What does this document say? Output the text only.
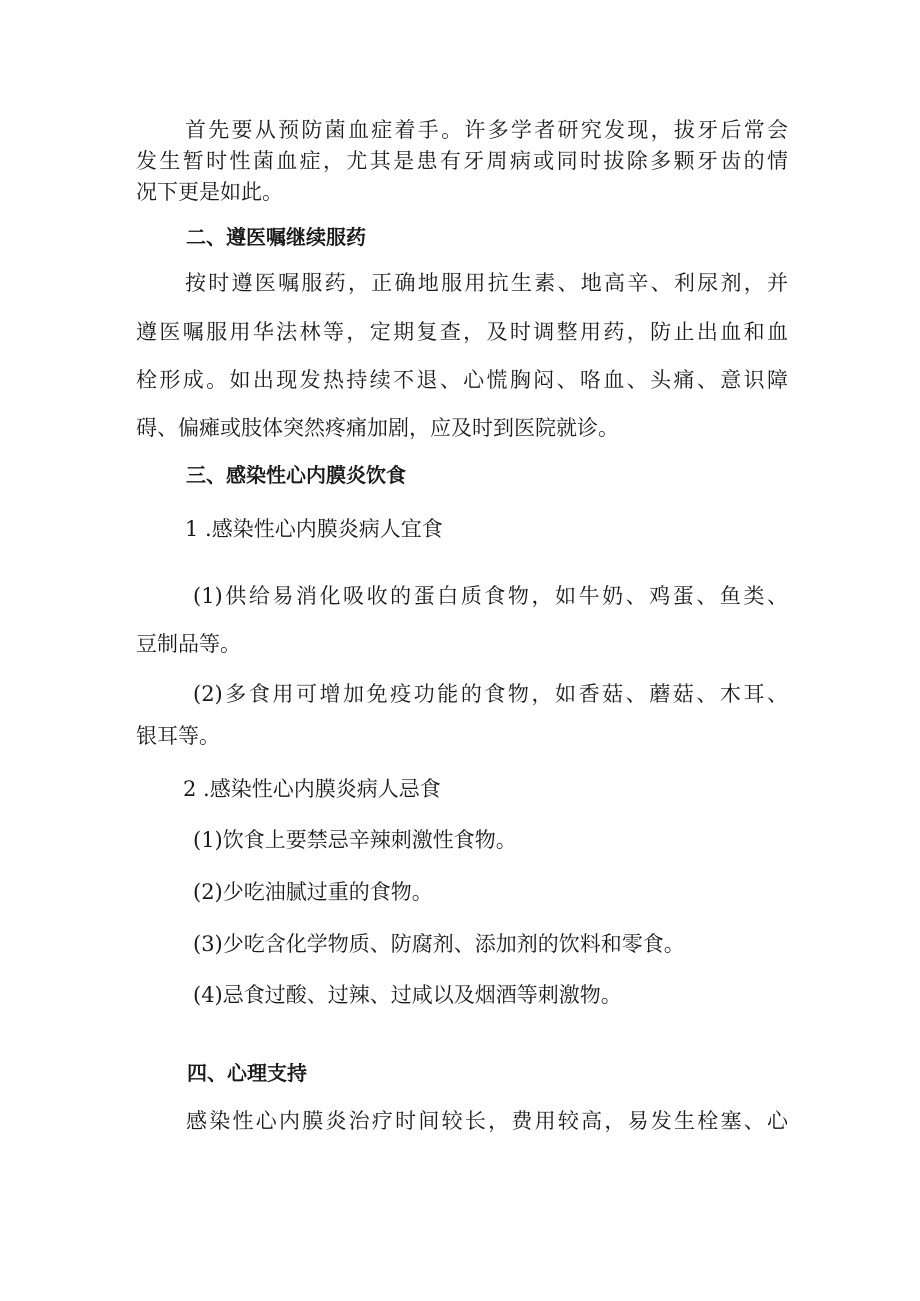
首先要从预防菌血症着手。许多学者研究发现，拔牙后常会
发生暂时性菌血症，尤其是患有牙周病或同时拔除多颗牙齿的情
况下更是如此。
二、遵医嘱继续服药
按时遵医嘱服药，正确地服用抗生素、地高辛、利尿剂，并
遵医嘱服用华法林等，定期复查，及时调整用药，防止出血和血
栓形成。如出现发热持续不退、心慌胸闷、咯血、头痛、意识障
碍、偏瘫或肢体突然疼痛加剧，应及时到医院就诊。
三、感染性心内膜炎饮食
1 .感染性心内膜炎病人宜食
(1)供给易消化吸收的蛋白质食物，如牛奶、鸡蛋、鱼类、
豆制品等。
(2)多食用可增加免疫功能的食物，如香菇、蘑菇、木耳、
银耳等。
2 .感染性心内膜炎病人忌食
(1)饮食上要禁忌辛辣刺激性食物。
(2)少吃油腻过重的食物。
(3)少吃含化学物质、防腐剂、添加剂的饮料和零食。
(4)忌食过酸、过辣、过咸以及烟酒等刺激物。
四、心理支持
感染性心内膜炎治疗时间较长，费用较高，易发生栓塞、心
